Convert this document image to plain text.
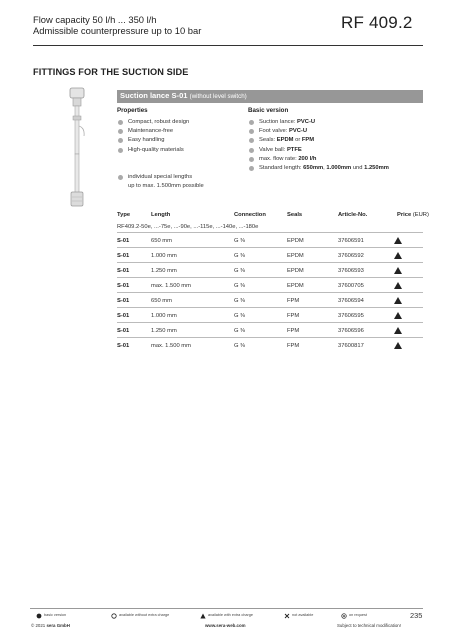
Flow capacity 50 l/h ... 350 l/h
Admissible counterpressure up to 10 bar	RF 409.2
FITTINGS FOR THE SUCTION SIDE
Suction lance S-01 (without level switch)
Properties
Compact, robust design
Maintenance-free
Easy handling
High-quality materials
individual special lengths
up to max. 1.500mm possible
Basic version
Suction lance: PVC-U
Foot valve: PVC-U
Seals: EPDM or FPM
Valve ball: PTFE
max. flow rate: 200 l/h
Standard length: 650mm, 1.000mm und 1.250mm
Type	Length	Connection	Seals	Article-No.	Price (EUR)
RF409.2-50e, ...-75e, ...-90e, ...-115e, ...-140e, ...-180e
S-01	650 mm	G ⅜	EPDM	37606591
S-01	1.000 mm	G ⅜	EPDM	37606592
S-01	1.250 mm	G ⅜	EPDM	37606593
S-01	max. 1.500 mm	G ⅜	EPDM	37600705
S-01	650 mm	G ⅜	FPM	37606594
S-01	1.000 mm	G ⅜	FPM	37606595
S-01	1.250 mm	G ⅜	FPM	37606596
S-01	max. 1.500 mm	G ⅜	FPM	37600817
basic version	available without extra charge	available with extra charge	not available	on request	235
© 2021 sera GmbH	www.sera-web.com	Subject to technical modification!
